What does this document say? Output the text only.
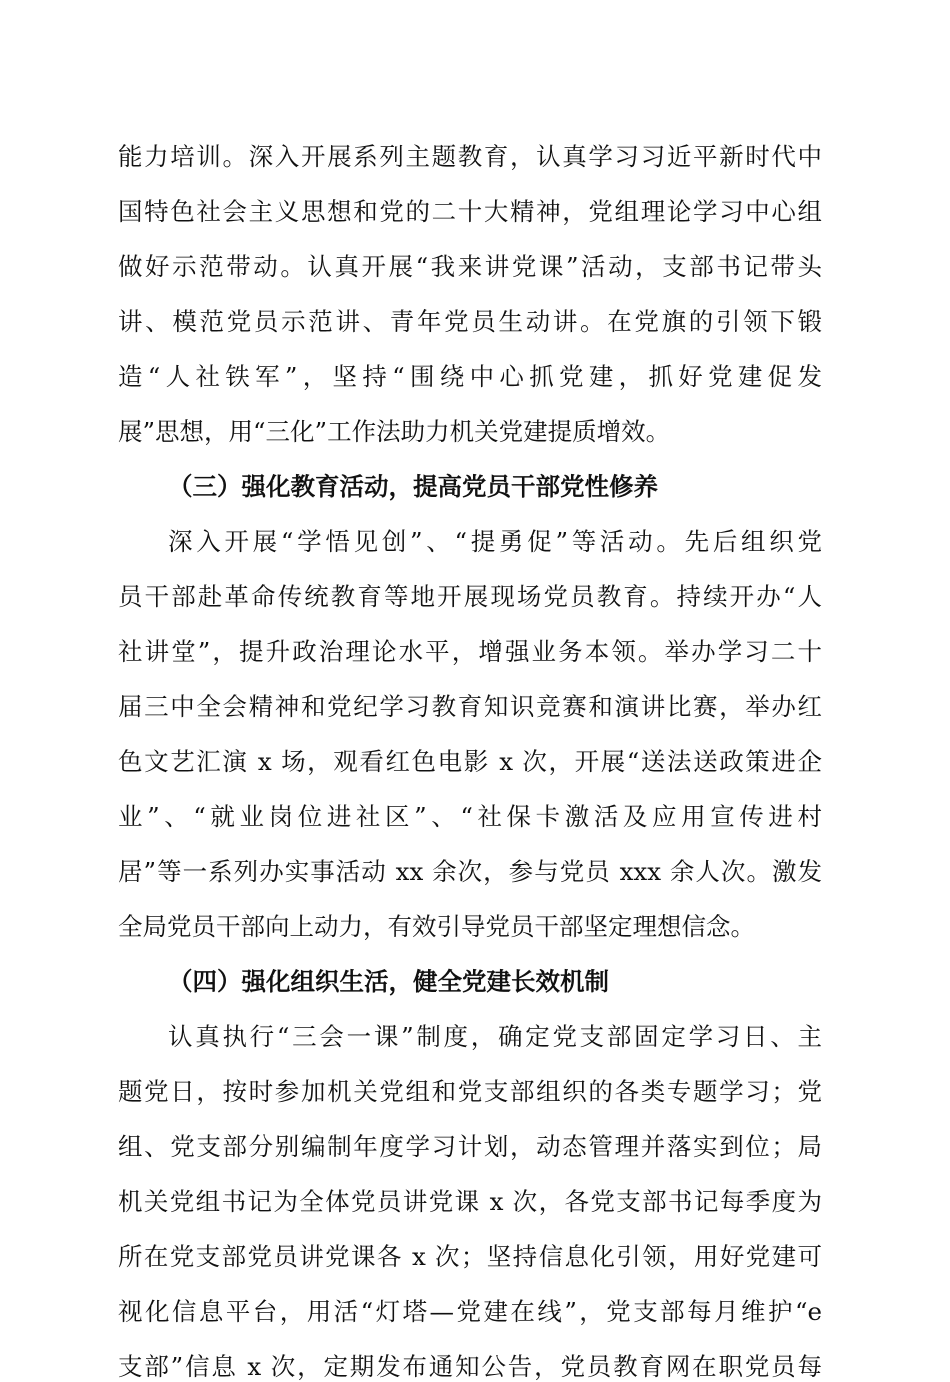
能力培训。深入开展系列主题教育，认真学习习近平新时代中
国特色社会主义思想和党的二十大精神，党组理论学习中心组
做好示范带动。认真开展“我来讲党课”活动，支部书记带头
讲、模范党员示范讲、青年党员生动讲。在党旗的引领下锻
造“人社铁军”，坚持“围绕中心抓党建，抓好党建促发
展”思想，用“三化”工作法助力机关党建提质增效。
（三）强化教育活动，提高党员干部党性修养
深入开展“学悟见创”、“提勇促”等活动。先后组织党
员干部赴革命传统教育等地开展现场党员教育。持续开办“人
社讲堂”，提升政治理论水平，增强业务本领。举办学习二十
届三中全会精神和党纪学习教育知识竞赛和演讲比赛，举办红
色文艺汇演 x 场，观看红色电影 x 次，开展“送法送政策进企
业”、“就业岗位进社区”、“社保卡激活及应用宣传进村
居”等一系列办实事活动 xx 余次，参与党员 xxx 余人次。激发
全局党员干部向上动力，有效引导党员干部坚定理想信念。
（四）强化组织生活，健全党建长效机制
认真执行“三会一课”制度，确定党支部固定学习日、主
题党日，按时参加机关党组和党支部组织的各类专题学习；党
组、党支部分别编制年度学习计划，动态管理并落实到位；局
机关党组书记为全体党员讲党课 x 次，各党支部书记每季度为
所在党支部党员讲党课各 x 次；坚持信息化引领，用好党建可
视化信息平台，用活“灯塔—党建在线”，党支部每月维护“e
支部”信息 x 次，定期发布通知公告，党员教育网在职党员每
